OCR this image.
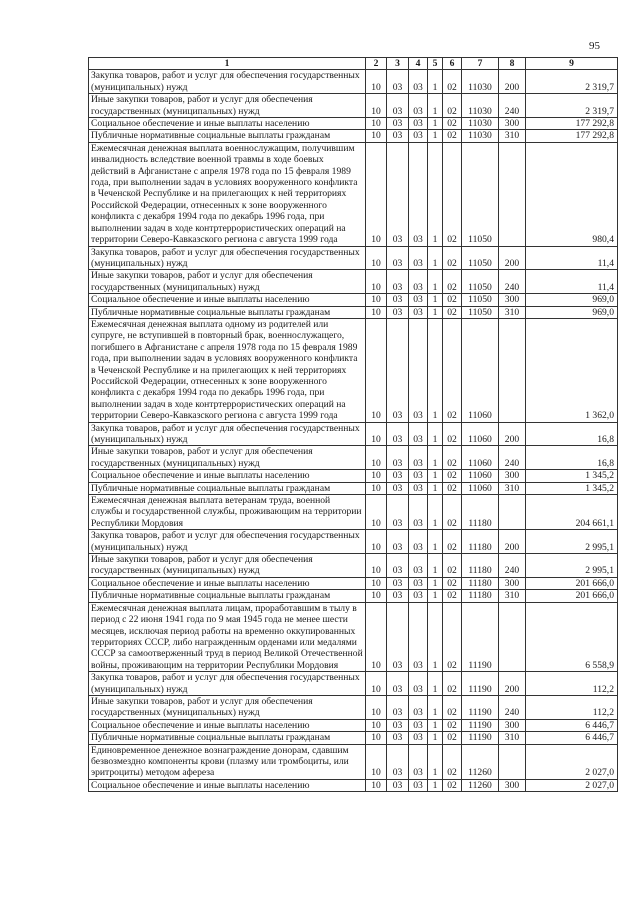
95
1	2	3	4	5	6	7	8	9
Закупка товаров, работ и услуг для обеспечения государственных (муниципальных) нужд	10	03	03	1	02	11030	200	2 319,7
Иные закупки товаров, работ и услуг для обеспечения государственных (муниципальных) нужд	10	03	03	1	02	11030	240	2 319,7
Социальное обеспечение и иные выплаты населению	10	03	03	1	02	11030	300	177 292,8
Публичные нормативные социальные выплаты гражданам	10	03	03	1	02	11030	310	177 292,8
Ежемесячная денежная выплата военнослужащим, получившим инвалидность вследствие военной травмы в ходе боевых действий в Афганистане с апреля 1978 года по 15 февраля 1989 года, при выполнении задач в условиях вооруженного конфликта в Чеченской Республике и на прилегающих к ней территориях Российской Федерации, отнесенных к зоне вооруженного конфликта с декабря 1994 года по декабрь 1996 года, при выполнении задач в ходе контртеррористических операций на территории Северо-Кавказского региона с августа 1999 года	10	03	03	1	02	11050		980,4
Закупка товаров, работ и услуг для обеспечения государственных (муниципальных) нужд	10	03	03	1	02	11050	200	11,4
Иные закупки товаров, работ и услуг для обеспечения государственных (муниципальных) нужд	10	03	03	1	02	11050	240	11,4
Социальное обеспечение и иные выплаты населению	10	03	03	1	02	11050	300	969,0
Публичные нормативные социальные выплаты гражданам	10	03	03	1	02	11050	310	969,0
Ежемесячная денежная выплата одному из родителей или супруге, не вступившей в повторный брак, военнослужащего, погибшего в Афганистане с апреля 1978 года по 15 февраля 1989 года, при выполнении задач в условиях вооруженного конфликта в Чеченской Республике и на прилегающих к ней территориях Российской Федерации, отнесенных к зоне вооруженного конфликта с декабря 1994 года по декабрь 1996 года, при выполнении задач в ходе контртеррористических операций на территории Северо-Кавказского региона с августа 1999 года	10	03	03	1	02	11060		1 362,0
Закупка товаров, работ и услуг для обеспечения государственных (муниципальных) нужд	10	03	03	1	02	11060	200	16,8
Иные закупки товаров, работ и услуг для обеспечения государственных (муниципальных) нужд	10	03	03	1	02	11060	240	16,8
Социальное обеспечение и иные выплаты населению	10	03	03	1	02	11060	300	1 345,2
Публичные нормативные социальные выплаты гражданам	10	03	03	1	02	11060	310	1 345,2
Ежемесячная денежная выплата ветеранам труда, военной службы и государственной службы, проживающим на территории Республики Мордовия	10	03	03	1	02	11180		204 661,1
Закупка товаров, работ и услуг для обеспечения государственных (муниципальных) нужд	10	03	03	1	02	11180	200	2 995,1
Иные закупки товаров, работ и услуг для обеспечения государственных (муниципальных) нужд	10	03	03	1	02	11180	240	2 995,1
Социальное обеспечение и иные выплаты населению	10	03	03	1	02	11180	300	201 666,0
Публичные нормативные социальные выплаты гражданам	10	03	03	1	02	11180	310	201 666,0
Ежемесячная денежная выплата лицам, проработавшим в тылу в период с 22 июня 1941 года по 9 мая 1945 года не менее шести месяцев, исключая период работы на временно оккупированных территориях СССР, либо награжденным орденами или медалями СССР за самоотверженный труд в период Великой Отечественной войны, проживающим на территории Республики Мордовия	10	03	03	1	02	11190		6 558,9
Закупка товаров, работ и услуг для обеспечения государственных (муниципальных) нужд	10	03	03	1	02	11190	200	112,2
Иные закупки товаров, работ и услуг для обеспечения государственных (муниципальных) нужд	10	03	03	1	02	11190	240	112,2
Социальное обеспечение и иные выплаты населению	10	03	03	1	02	11190	300	6 446,7
Публичные нормативные социальные выплаты гражданам	10	03	03	1	02	11190	310	6 446,7
Единовременное денежное вознаграждение донорам, сдавшим безвозмездно компоненты крови (плазму или тромбоциты, или эритроциты) методом афереза	10	03	03	1	02	11260		2 027,0
Социальное обеспечение и иные выплаты населению	10	03	03	1	02	11260	300	2 027,0
